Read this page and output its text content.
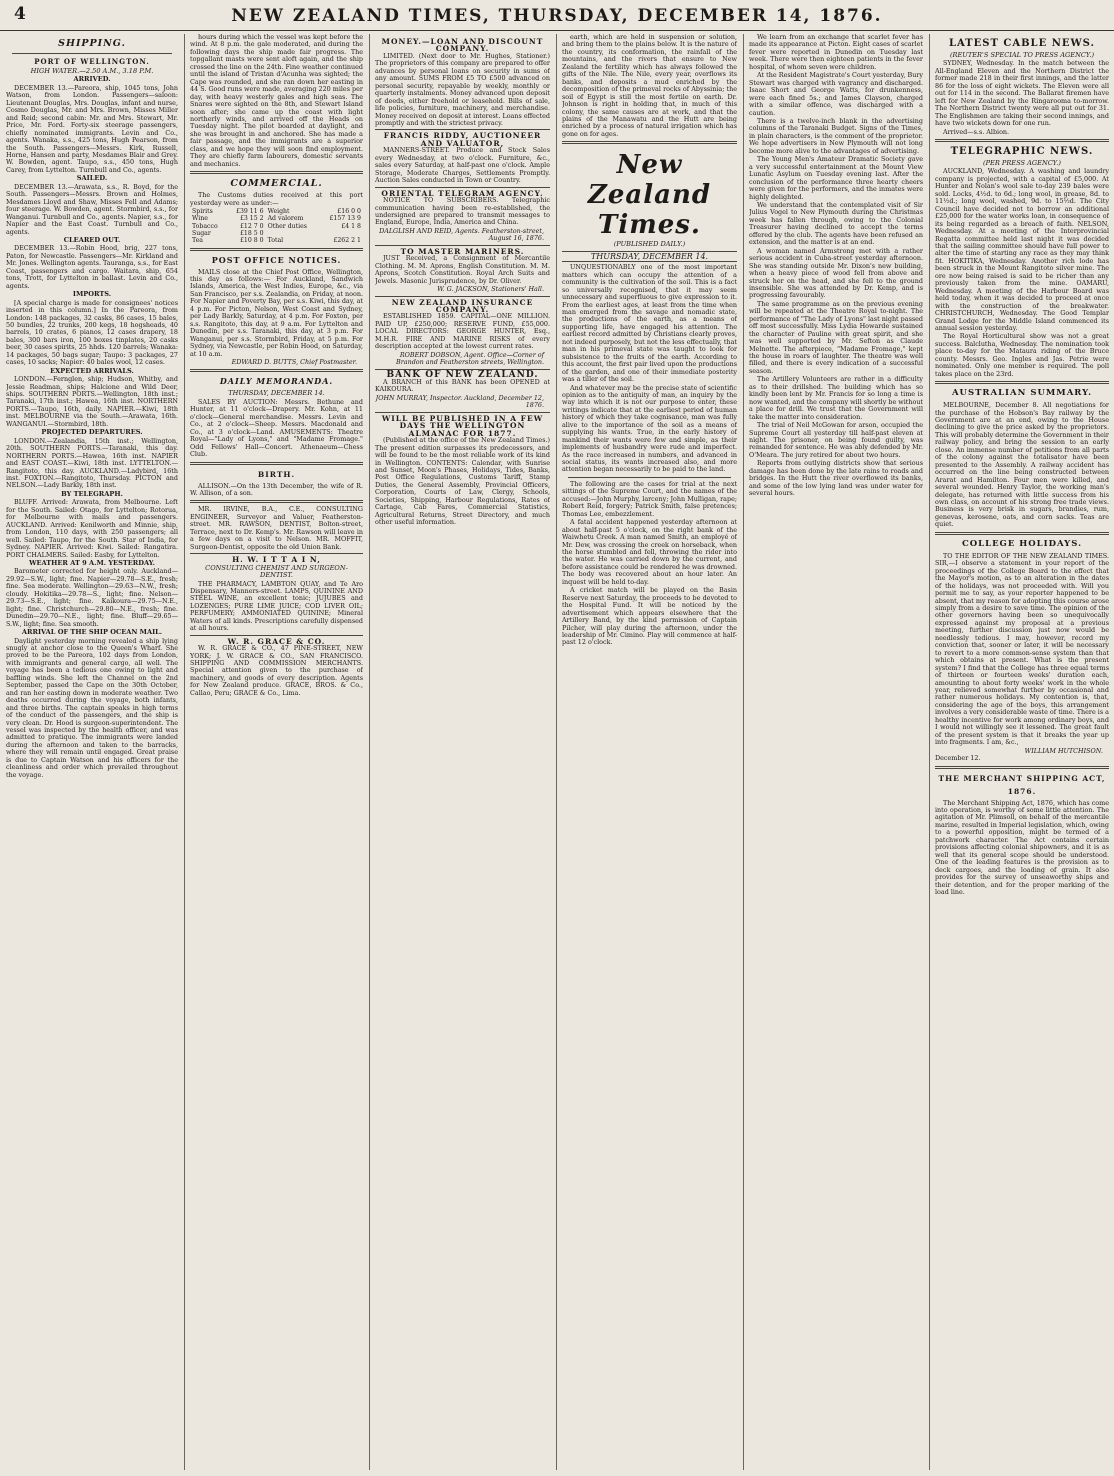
4	NEW ZEALAND TIMES, THURSDAY, DECEMBER 14, 1876.
SHIPPING.
PORT OF WELLINGTON.
HIGH WATER.—2.50 A.M., 3.18 P.M.
ARRIVED.

DECEMBER 13.—Pareora, ship, 1045 tons, John Watson, from London. Passengers—saloon: Lieutenant Douglas, Mrs. Douglas, infant and nurse, Cosmo Douglas, Mr. and Mrs. Brown, Misses Miller and Reid; second cabin: Mr. and Mrs. Stewart, Mr. Price, Mr. Ford. Forty-six steerage passengers, chiefly nominated immigrants. Levin and Co., agents. Wanaka, s.s., 425 tons, Hugh Pearson, from the South. Passengers—Messrs. Kirk, Russell, Horne, Hansen and party, Mesdames Blair and Grey. W. Bowden, agent. Taupo, s.s., 450 tons, Hugh Carey, from Lyttelton. Turnbull and Co., agents.

SAILED.

DECEMBER 13.—Arawata, s.s., R. Boyd, for the South. Passengers—Messrs. Brown and Holmes, Mesdames Lloyd and Shaw, Misses Fell and Adams; four steerage. W. Bowden, agent. Stormbird, s.s., for Wanganui. Turnbull and Co., agents. Napier, s.s., for Napier and the East Coast. Turnbull and Co., agents.

CLEARED OUT.

DECEMBER 13.—Robin Hood, brig, 227 tons, Paton, for Newcastle. Passengers—Mr. Kirkland and Mr. Jones. Wellington agents. Tauranga, s.s., for East Coast, passengers and cargo. Waitara, ship, 654 tons, Trott, for Lyttelton in ballast. Levin and Co., agents.

IMPORTS.

[A special charge is made for consignees' notices inserted in this column.] In the Pareora, from London: 148 packages, 32 casks, 86 cases, 15 bales, 50 bundles, 22 trunks, 200 kegs, 18 hogsheads, 40 barrels, 10 crates, 6 pianos, 12 cases drapery, 18 bales, 300 bars iron, 100 boxes tinplates, 20 casks beer, 30 cases spirits, 25 hhds. 120 barrels; Wanaka: 14 packages, 50 bags sugar; Taupo: 3 packages, 27 cases, 10 sacks; Napier: 40 bales wool, 12 cases.

EXPECTED ARRIVALS.

LONDON.—Fernglen, ship; Hudson, Whitby, and Jessie Readman, ships; Halcione and Wild Deer, ships. SOUTHERN PORTS.—Wellington, 18th inst.; Taranaki, 17th inst.; Hawea, 16th inst. NORTHERN PORTS.—Taupo, 16th, daily. NAPIER.—Kiwi, 18th inst. MELBOURNE via the South.—Arawata, 16th. WANGANUI.—Stormbird, 18th.

PROJECTED DEPARTURES.

LONDON.—Zealandia, 15th inst.; Wellington, 20th. SOUTHERN PORTS.—Taranaki, this day. NORTHERN PORTS.—Hawea, 16th inst. NAPIER and EAST COAST.—Kiwi, 18th inst. LYTTELTON.—Rangitoto, this day. AUCKLAND.—Ladybird, 16th inst. FOXTON.—Rangitoto, Thursday. PICTON and NELSON.—Lady Barkly, 18th inst.

BY TELEGRAPH.

BLUFF. Arrived: Arawata, from Melbourne. Left for the South. Sailed: Otago, for Lyttelton; Rotorua, for Melbourne with mails and passengers. AUCKLAND. Arrived: Kenilworth and Minnie, ship, from London, 110 days, with 250 passengers; all well. Sailed: Taupo, for the South. Star of India, for Sydney. NAPIER. Arrived: Kiwi. Sailed: Rangatira. PORT CHALMERS. Sailed: Easby, for Lyttelton.

WEATHER AT 9 A.M. YESTERDAY.

Barometer corrected for height only. Auckland—29.92—S.W., light; fine. Napier—29.78—S.E., fresh; fine. Sea moderate. Wellington—29.63—N.W., fresh; cloudy. Hokitika—29.78—S., light; fine. Nelson—29.73—S.E., light; fine. Kaikoura—29.75—N.E., light; fine. Christchurch—29.80—N.E., fresh; fine. Dunedin—29.70—N.E., light; fine. Bluff—29.65—S.W., light; fine. Sea smooth.

ARRIVAL OF THE SHIP OCEAN MAIL.

Daylight yesterday morning revealed a ship lying snugly at anchor close to the Queen's Wharf. She proved to be the Pareora, 102 days from London, with immigrants and general cargo, all well. The voyage has been a tedious one owing to light and baffling winds. She left the Channel on the 2nd September, passed the Cape on the 30th October, and ran her easting down in moderate weather. Two deaths occurred during the voyage, both infants, and three births. The captain speaks in high terms of the conduct of the passengers, and the ship is very clean. Dr. Hood is surgeon-superintendent. The vessel was inspected by the health officer, and was admitted to pratique. The immigrants were landed during the afternoon and taken to the barracks, where they will remain until engaged. Great praise is due to Captain Watson and his officers for the cleanliness and order which prevailed throughout the voyage.

hours during which the vessel was kept before the wind. At 8 p.m. the gale moderated, and during the following days the ship made fair progress. The topgallant masts were sent aloft again, and the ship crossed the line on the 24th. Fine weather continued until the island of Tristan d'Acunha was sighted; the Cape was rounded, and she ran down her easting in 44 S. Good runs were made, averaging 220 miles per day, with heavy westerly gales and high seas. The Snares were sighted on the 8th, and Stewart Island soon after; she came up the coast with light northerly winds, and arrived off the Heads on Tuesday night. The pilot boarded at daylight, and she was brought in and anchored. She has made a fair passage, and the immigrants are a superior class, and we hope they will soon find employment. They are chiefly farm labourers, domestic servants and mechanics.

COMMERCIAL.

The Customs duties received at this port yesterday were as under:—

Spirits	£39 11 6	Weight	£16 0 0
Wine	£3 15 2	Ad valorem	£157 13 9
Tobacco	£12 7 0	Other duties	£4 1 8
Sugar	£18 5 0		
Tea	£10 8 0	Total	£262 2 1
POST OFFICE NOTICES.

MAILS close at the Chief Post Office, Wellington, this day as follows:— For Auckland, Sandwich Islands, America, the West Indies, Europe, &c., via San Francisco, per s.s. Zealandia, on Friday, at noon. For Napier and Poverty Bay, per s.s. Kiwi, this day, at 4 p.m. For Picton, Nelson, West Coast and Sydney, per Lady Barkly, Saturday, at 4 p.m. For Foxton, per s.s. Rangitoto, this day, at 9 a.m. For Lyttelton and Dunedin, per s.s. Taranaki, this day, at 3 p.m. For Wanganui, per s.s. Stormbird, Friday, at 5 p.m. For Sydney, via Newcastle, per Robin Hood, on Saturday, at 10 a.m.

EDWARD D. BUTTS, Chief Postmaster.
DAILY MEMORANDA.
THURSDAY, DECEMBER 14.

SALES BY AUCTION: Messrs. Bethune and Hunter, at 11 o'clock—Drapery. Mr. Kohn, at 11 o'clock—General merchandise. Messrs. Levin and Co., at 2 o'clock—Sheep. Messrs. Macdonald and Co., at 3 o'clock—Land. AMUSEMENTS: Theatre Royal—"Lady of Lyons," and "Madame Fromage." Odd Fellows' Hall—Concert. Athenaeum—Chess Club.

BIRTH.

ALLISON.—On the 13th December, the wife of R. W. Allison, of a son.

MR. IRVINE, B.A., C.E., CONSULTING ENGINEER, Surveyor and Valuer, Featherston-street. MR. RAWSON, DENTIST, Bolton-street, Terrace, next to Dr. Kemp's. Mr. Rawson will leave in a few days on a visit to Nelson. MR. MOFFIT, Surgeon-Dentist, opposite the old Union Bank.

H. W. I T T A I N,
CONSULTING CHEMIST AND SURGEON-DENTIST.

THE PHARMACY, LAMBTON QUAY, and Te Aro Dispensary, Manners-street. LAMPS, QUININE AND STEEL WINE, an excellent tonic; JUJUBES and LOZENGES; PURE LIME JUICE; COD LIVER OIL; PERFUMERY; AMMONIATED QUININE; Mineral Waters of all kinds. Prescriptions carefully dispensed at all hours.

W. R. GRACE & CO.

W. R. GRACE & CO., 47 PINE-STREET, NEW YORK; J. W. GRACE & CO., SAN FRANCISCO. SHIPPING AND COMMISSION MERCHANTS. Special attention given to the purchase of machinery, and goods of every description. Agents for New Zealand produce. GRACE, BROS. & Co., Callao, Peru; GRACE & Co., Lima.

MONEY.—LOAN AND DISCOUNT COMPANY.

LIMITED. (Next door to Mr. Hughes, Stationer.) The proprietors of this company are prepared to offer advances by personal loans on security in sums of any amount. SUMS FROM £5 TO £500 advanced on personal security, repayable by weekly, monthly or quarterly instalments. Money advanced upon deposit of deeds, either freehold or leasehold. Bills of sale, life policies, furniture, machinery, and merchandise. Money received on deposit at interest. Loans effected promptly and with the strictest privacy.

FRANCIS RIDDY, AUCTIONEER AND VALUATOR,

MANNERS-STREET. Produce and Stock Sales every Wednesday, at two o'clock. Furniture, &c., sales every Saturday, at half-past one o'clock. Ample Storage, Moderate Charges, Settlements Promptly. Auction Sales conducted in Town or Country.

ORIENTAL TELEGRAM AGENCY.

NOTICE TO SUBSCRIBERS. Telegraphic communication having been re-established, the undersigned are prepared to transmit messages to England, Europe, India, America and China.

DALGLISH AND REID, Agents. Featherston-street, August 16, 1876.
TO MASTER MARINERS.

JUST Received, a Consignment of Mercantile Clothing. M. M. Aprons, English Constitution. M. M. Aprons, Scotch Constitution. Royal Arch Suits and Jewels. Masonic Jurisprudence, by Dr. Oliver.

W. G. JACKSON, Stationers' Hall.
NEW ZEALAND INSURANCE COMPANY.

ESTABLISHED 1859. CAPITAL—ONE MILLION. PAID UP, £250,000; RESERVE FUND, £55,000. LOCAL DIRECTORS: GEORGE HUNTER, Esq., M.H.R. FIRE AND MARINE RISKS of every description accepted at the lowest current rates.

ROBERT DOBSON, Agent. Office—Corner of Brandon and Featherston streets, Wellington.
BANK OF NEW ZEALAND.

A BRANCH of this BANK has been OPENED at KAIKOURA.

JOHN MURRAY, Inspector. Auckland, December 12, 1876.
WILL BE PUBLISHED IN A FEW DAYS THE WELLINGTON ALMANAC FOR 1877.

(Published at the office of the New Zealand Times.) The present edition surpasses its predecessors, and will be found to be the most reliable work of its kind in Wellington. CONTENTS: Calendar, with Sunrise and Sunset, Moon's Phases, Holidays, Tides, Banks, Post Office Regulations, Customs Tariff, Stamp Duties, the General Assembly, Provincial Officers, Corporation, Courts of Law, Clergy, Schools, Societies, Shipping, Harbour Regulations, Rates of Cartage, Cab Fares, Commercial Statistics, Agricultural Returns, Street Directory, and much other useful information.

earth, which are held in suspension or solution, and bring them to the plains below. It is the nature of the country, its conformation, the rainfall of the mountains, and the rivers that ensure to New Zealand the fertility which has always followed the gifts of the Nile. The Nile, every year, overflows its banks, and deposits a mud enriched by the decomposition of the primeval rocks of Abyssinia; the soil of Egypt is still the most fertile on earth. Dr. Johnson is right in holding that, in much of this colony, the same causes are at work, and that the plains of the Manawatu and the Hutt are being enriched by a process of natural irrigation which has gone on for ages.

New Zealand Times.
(PUBLISHED DAILY.)
THURSDAY, DECEMBER 14.

UNQUESTIONABLY one of the most important matters which can occupy the attention of a community is the cultivation of the soil. This is a fact so universally recognised, that it may seem unnecessary and superfluous to give expression to it. From the earliest ages, at least from the time when man emerged from the savage and nomadic state, the productions of the earth, as a means of supporting life, have engaged his attention. The earliest record admitted by Christians clearly proves, not indeed purposely, but not the less effectually, that man in his primeval state was taught to look for subsistence to the fruits of the earth. According to this account, the first pair lived upon the productions of the garden, and one of their immediate posterity was a tiller of the soil.

And whatever may be the precise state of scientific opinion as to the antiquity of man, an inquiry by the way into which it is not our purpose to enter, these writings indicate that at the earliest period of human history of which they take cognisance, man was fully alive to the importance of the soil as a means of supplying his wants. True, in the early history of mankind their wants were few and simple, as their implements of husbandry were rude and imperfect. As the race increased in numbers, and advanced in social status, its wants increased also, and more attention began necessarily to be paid to the land.

The following are the cases for trial at the next sittings of the Supreme Court, and the names of the accused:—John Murphy, larceny; John Mulligan, rape; Robert Reid, forgery; Patrick Smith, false pretences; Thomas Lee, embezzlement.

A fatal accident happened yesterday afternoon at about half-past 5 o'clock, on the right bank of the Waiwhetu Creek. A man named Smith, an employé of Mr. Dew, was crossing the creek on horseback, when the horse stumbled and fell, throwing the rider into the water. He was carried down by the current, and before assistance could be rendered he was drowned. The body was recovered about an hour later. An inquest will be held to-day.

A cricket match will be played on the Basin Reserve next Saturday, the proceeds to be devoted to the Hospital Fund. It will be noticed by the advertisement which appears elsewhere that the Artillery Band, by the kind permission of Captain Pilcher, will play during the afternoon, under the leadership of Mr. Cimino. Play will commence at half-past 12 o'clock.

We learn from an exchange that scarlet fever has made its appearance at Picton. Eight cases of scarlet fever were reported in Dunedin on Tuesday last week. There were then eighteen patients in the fever hospital, of whom seven were children.

At the Resident Magistrate's Court yesterday, Bury Stewart was charged with vagrancy and discharged. Isaac Short and George Watts, for drunkenness, were each fined 5s.; and James Clayson, charged with a similar offence, was discharged with a caution.

There is a twelve-inch blank in the advertising columns of the Taranaki Budget. Signs of the Times, in plain characters, is the comment of the proprietor. We hope advertisers in New Plymouth will not long become more alive to the advantages of advertising.

The Young Men's Amateur Dramatic Society gave a very successful entertainment at the Mount View Lunatic Asylum on Tuesday evening last. After the conclusion of the performance three hearty cheers were given for the performers, and the inmates were highly delighted.

We understand that the contemplated visit of Sir Julius Vogel to New Plymouth during the Christmas week has fallen through, owing to the Colonial Treasurer having declined to accept the terms offered by the club. The agents have been refused an extension, and the matter is at an end.

A woman named Armstrong met with a rather serious accident in Cuba-street yesterday afternoon. She was standing outside Mr. Dixon's new building, when a heavy piece of wood fell from above and struck her on the head, and she fell to the ground insensible. She was attended by Dr. Kemp, and is progressing favourably.

The same programme as on the previous evening will be repeated at the Theatre Royal to-night. The performance of "The Lady of Lyons" last night passed off most successfully. Miss Lydia Howarde sustained the character of Pauline with great spirit, and she was well supported by Mr. Sefton as Claude Melnotte. The afterpiece, "Madame Fromage," kept the house in roars of laughter. The theatre was well filled, and there is every indication of a successful season.

The Artillery Volunteers are rather in a difficulty as to their drillshed. The building which has so kindly been lent by Mr. Francis for so long a time is now wanted, and the company will shortly be without a place for drill. We trust that the Government will take the matter into consideration.

The trial of Neil McGowan for arson, occupied the Supreme Court all yesterday till half-past eleven at night. The prisoner, on being found guilty, was remanded for sentence. He was ably defended by Mr. O'Meara. The jury retired for about two hours.

Reports from outlying districts show that serious damage has been done by the late rains to roads and bridges. In the Hutt the river overflowed its banks, and some of the low lying land was under water for several hours.

LATEST CABLE NEWS.
(REUTER'S SPECIAL TO PRESS AGENCY.)

SYDNEY, Wednesday. In the match between the All-England Eleven and the Northern District the former made 218 in their first innings, and the latter 86 for the loss of eight wickets. The Eleven were all out for 114 in the second. The Ballarat firemen have left for New Zealand by the Ringarooma to-morrow. The Northern District twenty were all put out for 31. The Englishmen are taking their second innings, and have two wickets down for one run.

Arrived—s.s. Albion.

TELEGRAPHIC NEWS.
(PER PRESS AGENCY.)

AUCKLAND, Wednesday. A washing and laundry company is projected, with a capital of £5,000. At Hunter and Nolan's wool sale to-day 239 bales were sold. Locks, 4½d. to 6d.; long wool, in grease, 8d. to 11½d.; long wool, washed, 9d. to 15½d. The City Council have decided not to borrow an additional £25,000 for the water works loan, in consequence of its being regarded as a breach of faith. NELSON, Wednesday. At a meeting of the Interprovincial Regatta committee held last night it was decided that the sailing committee should have full power to alter the time of starting any race as they may think fit. HOKITIKA, Wednesday. Another rich lode has been struck in the Mount Rangitoto silver mine. The ore now being raised is said to be richer than any previously taken from the mine. OAMARU, Wednesday. A meeting of the Harbour Board was held today, when it was decided to proceed at once with the construction of the breakwater. CHRISTCHURCH, Wednesday. The Good Templar Grand Lodge for the Middle Island commenced its annual session yesterday.

The Royal Horticultural show was not a great success. Balclutha, Wednesday. The nomination took place to-day for the Mataura riding of the Bruce county. Messrs. Geo. Ingles and Jas. Petrie were nominated. Only one member is required. The poll takes place on the 23rd.

AUSTRALIAN SUMMARY.

MELBOURNE, December 8. All negotiations for the purchase of the Hobson's Bay railway by the Government are at an end, owing to the House declining to give the price asked by the proprietors. This will probably determine the Government in their railway policy, and bring the session to an early close. An immense number of petitions from all parts of the colony against the totalisator have been presented to the Assembly. A railway accident has occurred on the line being constructed between Ararat and Hamilton. Four men were killed, and several wounded. Henry Taylor, the working man's delegate, has returned with little success from his own class, on account of his strong free trade views. Business is very brisk in sugars, brandies, rum, genevas, kerosene, oats, and corn sacks. Teas are quiet.

COLLEGE HOLIDAYS.

TO THE EDITOR OF THE NEW ZEALAND TIMES. SIR,—I observe a statement in your report of the proceedings of the College Board to the effect that the Mayor's motion, as to an alteration in the dates of the holidays, was not proceeded with. Will you permit me to say, as your reporter happened to be absent, that my reason for adopting this course arose simply from a desire to save time. The opinion of the other governors having been so unequivocally expressed against my proposal at a previous meeting, further discussion just now would be needlessly tedious. I may, however, record my conviction that, sooner or later, it will be necessary to revert to a more common-sense system than that which obtains at present. What is the present system? I find that the College has three equal terms of thirteen or fourteen weeks' duration each, amounting to about forty weeks' work in the whole year, relieved somewhat further by occasional and rather numerous holidays. My contention is, that, considering the age of the boys, this arrangement involves a very considerable waste of time. There is a healthy incentive for work among ordinary boys, and I would not willingly see it lessened. The great fault of the present system is that it breaks the year up into fragments. I am, &c.,

WILLIAM HUTCHISON.
December 12.
THE MERCHANT SHIPPING ACT, 1876.

The Merchant Shipping Act, 1876, which has come into operation, is worthy of some little attention. The agitation of Mr. Plimsoll, on behalf of the mercantile marine, resulted in Imperial legislation, which, owing to a powerful opposition, might be termed of a patchwork character. The Act contains certain provisions affecting colonial shipowners, and it is as well that its general scope should be understood. One of the leading features is the provision as to deck cargoes, and the loading of grain. It also provides for the survey of unseaworthy ships and their detention, and for the proper marking of the load line.
